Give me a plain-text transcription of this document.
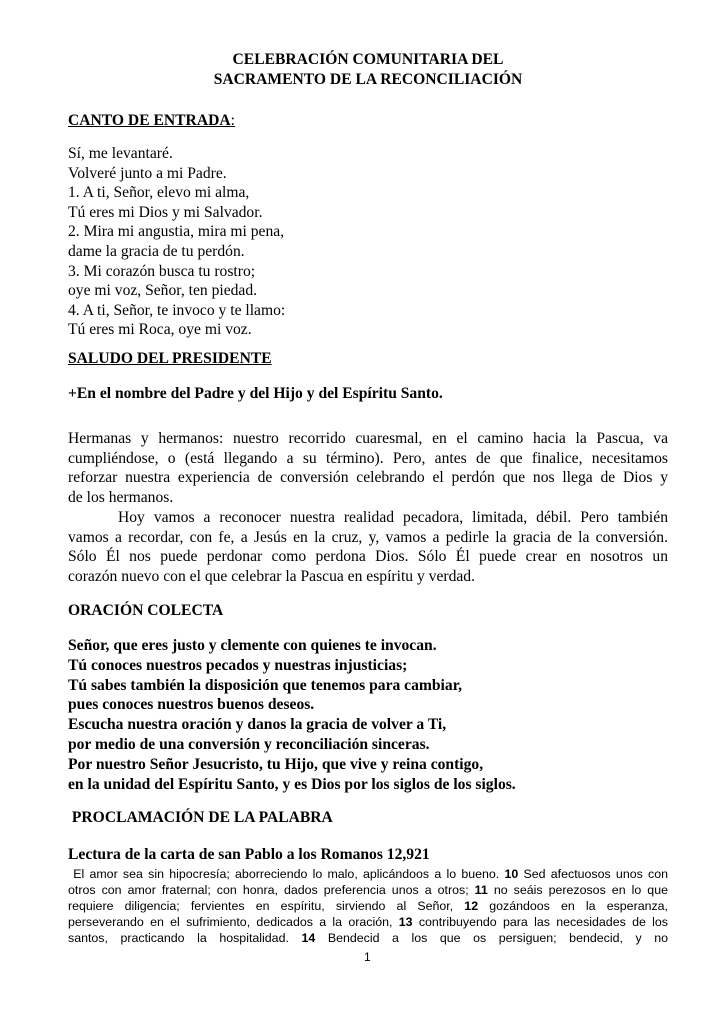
CELEBRACIÓN COMUNITARIA DEL
SACRAMENTO DE LA RECONCILIACIÓN
CANTO DE ENTRADA:
Sí, me levantaré.
Volveré junto a mi Padre.
1. A ti, Señor, elevo mi alma,
Tú eres mi Dios y mi Salvador.
2. Mira mi angustia, mira mi pena,
dame la gracia de tu perdón.
3. Mi corazón busca tu rostro;
oye mi voz, Señor, ten piedad.
4. A ti, Señor, te invoco y te llamo:
Tú eres mi Roca, oye mi voz.
SALUDO DEL PRESIDENTE
+En el nombre del Padre y del Hijo y del Espíritu Santo.
Hermanas y hermanos: nuestro recorrido cuaresmal, en el camino hacia la Pascua, va
cumpliéndose, o (está llegando a su término). Pero, antes de que finalice, necesitamos
reforzar nuestra experiencia de conversión celebrando el perdón que nos llega de Dios y
de los hermanos.
Hoy vamos a reconocer nuestra realidad pecadora, limitada, débil. Pero también
vamos a recordar, con fe, a Jesús en la cruz, y, vamos a pedirle la gracia de la conversión.
Sólo Él nos puede perdonar como perdona Dios. Sólo Él puede crear en nosotros un
corazón nuevo con el que celebrar la Pascua en espíritu y verdad.
ORACIÓN COLECTA
Señor, que eres justo y clemente con quienes te invocan.
Tú conoces nuestros pecados y nuestras injusticias;
Tú sabes también la disposición que tenemos para cambiar,
pues conoces nuestros buenos deseos.
Escucha nuestra oración y danos la gracia de volver a Ti,
por medio de una conversión y reconciliación sinceras.
Por nuestro Señor Jesucristo, tu Hijo, que vive y reina contigo,
en la unidad del Espíritu Santo, y es Dios por los siglos de los siglos.
PROCLAMACIÓN DE LA PALABRA
Lectura de la carta de san Pablo a los Romanos 12,921
El amor sea sin hipocresía; aborreciendo lo malo, aplicándoos a lo bueno. 10 Sed afectuosos unos con
otros con amor fraternal; con honra, dados preferencia unos a otros; 11 no seáis perezosos en lo que
requiere diligencia; fervientes en espíritu, sirviendo al Señor, 12 gozándoos en la esperanza,
perseverando en el sufrimiento, dedicados a la oración, 13 contribuyendo para las necesidades de los
santos, practicando la hospitalidad. 14 Bendecid a los que os persiguen; bendecid, y no
1
